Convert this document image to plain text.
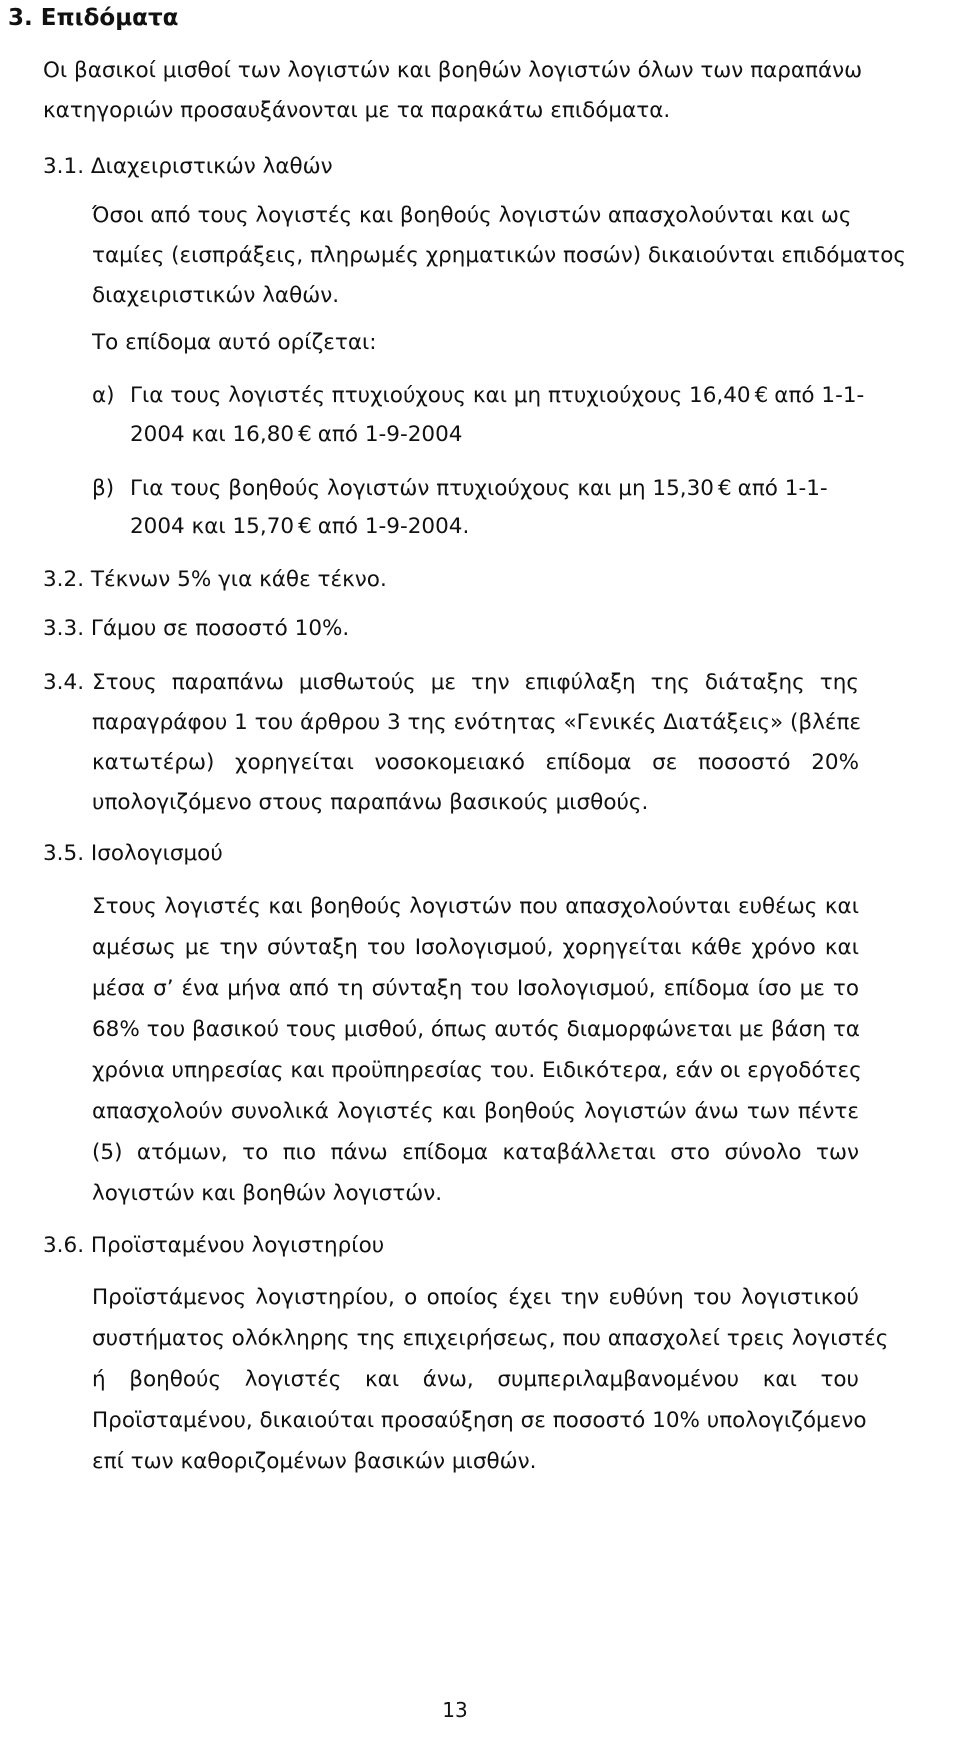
3. Επιδόματα
Οι βασικοί μισθοί των λογιστών και βοηθών λογιστών όλων των παραπάνω
κατηγοριών προσαυξάνονται με τα παρακάτω επιδόματα.
3.1. Διαχειριστικών λαθών
Όσοι από τους λογιστές και βοηθούς λογιστών απασχολούνται και ως
ταμίες (εισπράξεις, πληρωμές χρηματικών ποσών) δικαιούνται επιδόματος
διαχειριστικών λαθών.
Το επίδομα αυτό ορίζεται:
α) Για τους λογιστές πτυχιούχους και μη πτυχιούχους 16,40 € από 1-1-
2004 και 16,80 € από 1-9-2004
β) Για τους βοηθούς λογιστών πτυχιούχους και μη 15,30 € από 1-1-
2004 και 15,70 € από 1-9-2004.
3.2. Τέκνων 5% για κάθε τέκνο.
3.3. Γάμου σε ποσοστό 10%.
3.4. Στους παραπάνω μισθωτούς με την επιφύλαξη της διάταξης της
παραγράφου 1 του άρθρου 3 της ενότητας «Γενικές Διατάξεις» (βλέπε
κατωτέρω) χορηγείται νοσοκομειακό επίδομα σε ποσοστό 20%
υπολογιζόμενο στους παραπάνω βασικούς μισθούς.
3.5. Ισολογισμού
Στους λογιστές και βοηθούς λογιστών που απασχολούνται ευθέως και
αμέσως με την σύνταξη του Ισολογισμού, χορηγείται κάθε χρόνο και
μέσα σ’ ένα μήνα από τη σύνταξη του Ισολογισμού, επίδομα ίσο με το
68% του βασικού τους μισθού, όπως αυτός διαμορφώνεται με βάση τα
χρόνια υπηρεσίας και προϋπηρεσίας του. Ειδικότερα, εάν οι εργοδότες
απασχολούν συνολικά λογιστές και βοηθούς λογιστών άνω των πέντε
(5) ατόμων, το πιο πάνω επίδομα καταβάλλεται στο σύνολο των
λογιστών και βοηθών λογιστών.
3.6. Προϊσταμένου λογιστηρίου
Προϊστάμενος λογιστηρίου, ο οποίος έχει την ευθύνη του λογιστικού
συστήματος ολόκληρης της επιχειρήσεως, που απασχολεί τρεις λογιστές
ή βοηθούς λογιστές και άνω, συμπεριλαμβανομένου και του
Προϊσταμένου, δικαιούται προσαύξηση σε ποσοστό 10% υπολογιζόμενο
επί των καθοριζομένων βασικών μισθών.
13
